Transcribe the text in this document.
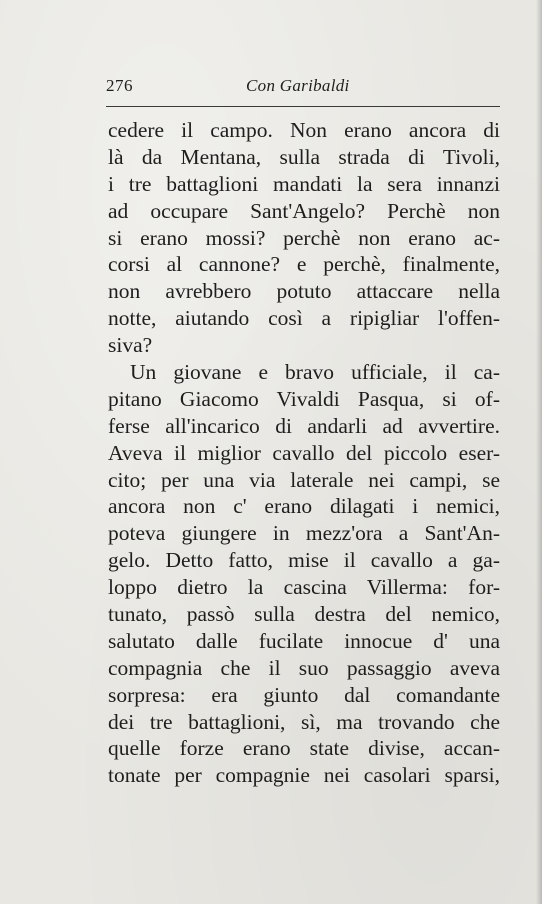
276	Con Garibaldi
cedere il campo. Non erano ancora di
là da Mentana, sulla strada di Tivoli,
i tre battaglioni mandati la sera innanzi
ad occupare Sant'Angelo? Perchè non
si erano mossi? perchè non erano ac-
corsi al cannone? e perchè, finalmente,
non avrebbero potuto attaccare nella
notte, aiutando così a ripigliar l'offen-
siva?
Un giovane e bravo ufficiale, il ca-
pitano Giacomo Vivaldi Pasqua, si of-
ferse all'incarico di andarli ad avvertire.
Aveva il miglior cavallo del piccolo eser-
cito; per una via laterale nei campi, se
ancora non c' erano dilagati i nemici,
poteva giungere in mezz'ora a Sant'An-
gelo. Detto fatto, mise il cavallo a ga-
loppo dietro la cascina Villerma: for-
tunato, passò sulla destra del nemico,
salutato dalle fucilate innocue d' una
compagnia che il suo passaggio aveva
sorpresa: era giunto dal comandante
dei tre battaglioni, sì, ma trovando che
quelle forze erano state divise, accan-
tonate per compagnie nei casolari sparsi,
